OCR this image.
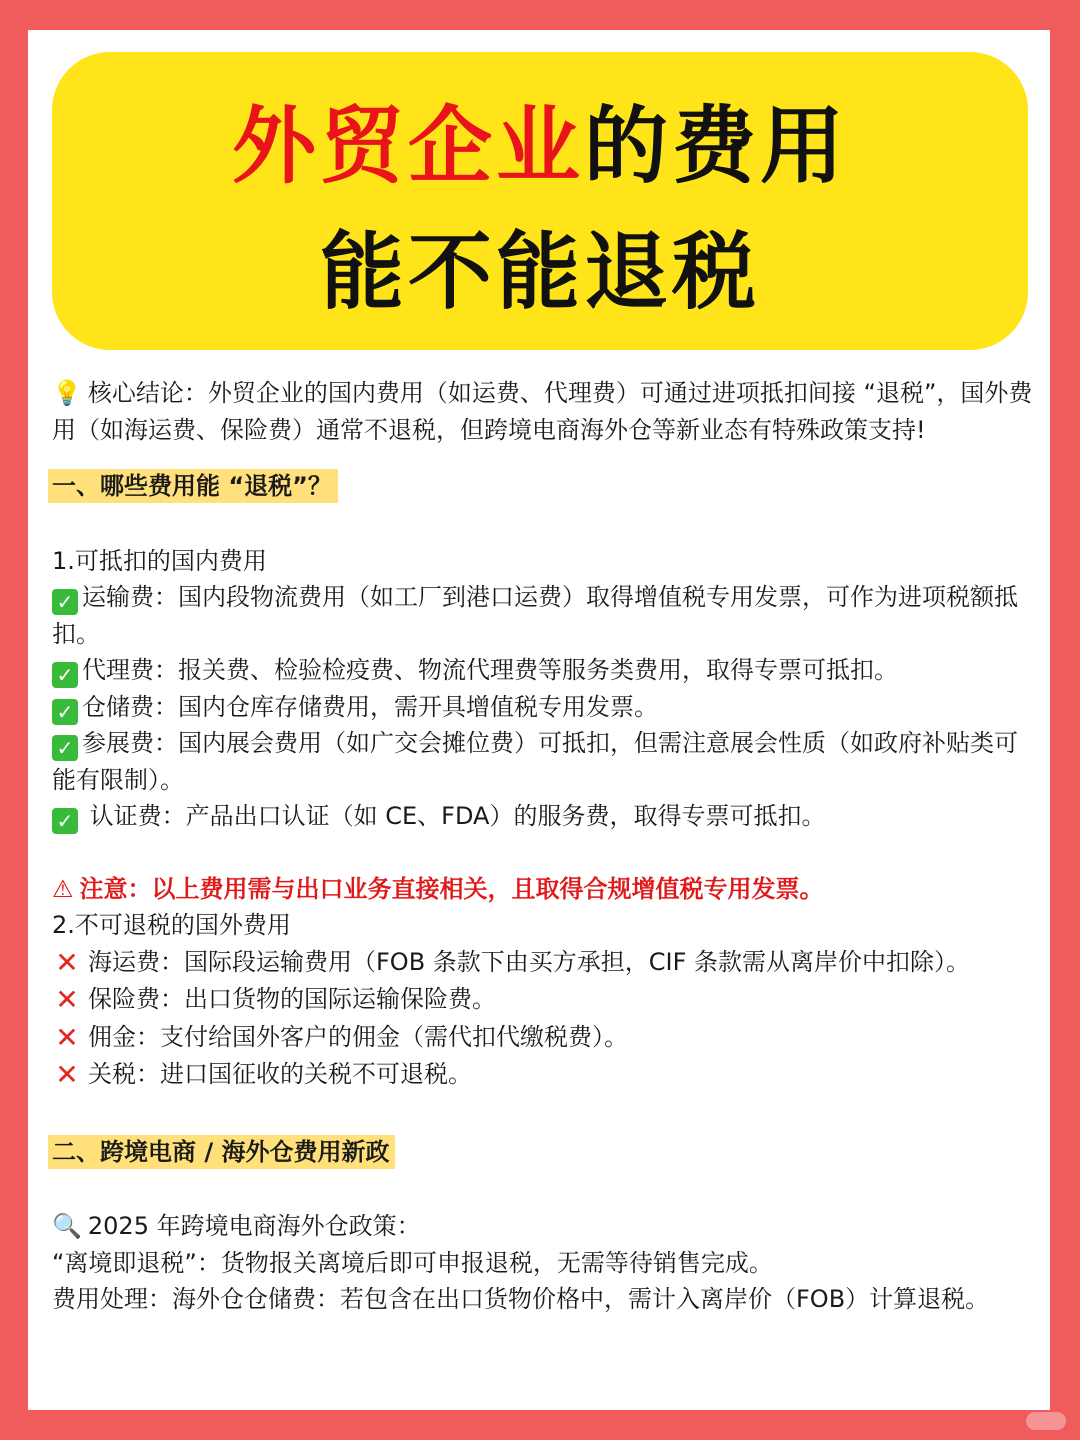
外贸企业的费用
能不能退税

💡 核心结论：外贸企业的国内费用（如运费、代理费）可通过进项抵扣间接 “退税”，国外费用（如海运费、保险费）通常不退税，但跨境电商海外仓等新业态有特殊政策支持!

一、哪些费用能 “退税”？

1.可抵扣的国内费用

✓ 运输费：国内段物流费用（如工厂到港口运费）取得增值税专用发票，可作为进项税额抵扣。

✓ 代理费：报关费、检验检疫费、物流代理费等服务类费用，取得专票可抵扣。

✓ 仓储费：国内仓库存储费用，需开具增值税专用发票。

✓ 参展费：国内展会费用（如广交会摊位费）可抵扣，但需注意展会性质（如政府补贴类可能有限制）。

✓ 认证费：产品出口认证（如 CE、FDA）的服务费，取得专票可抵扣。

⚠ 注意：以上费用需与出口业务直接相关，且取得合规增值税专用发票。

2.不可退税的国外费用

✕ 海运费：国际段运输费用（FOB 条款下由买方承担，CIF 条款需从离岸价中扣除）。

✕ 保险费：出口货物的国际运输保险费。

✕ 佣金：支付给国外客户的佣金（需代扣代缴税费）。

✕ 关税：进口国征收的关税不可退税。

二、跨境电商 / 海外仓费用新政

🔍 2025 年跨境电商海外仓政策：

“离境即退税”：货物报关离境后即可申报退税，无需等待销售完成。

费用处理：海外仓仓储费：若包含在出口货物价格中，需计入离岸价（FOB）计算退税。
